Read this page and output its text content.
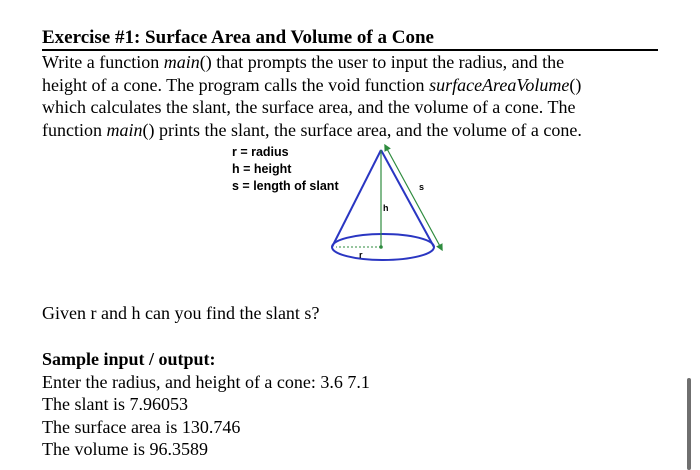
Exercise #1: Surface Area and Volume of a Cone
Write a function main() that prompts the user to input the radius, and the
height of a cone. The program calls the void function surfaceAreaVolume()
which calculates the slant, the surface area, and the volume of a cone. The
function main() prints the slant, the surface area, and the volume of a cone.
r = radius
h = height
s = length of slant
h
s
r
Given r and h can you find the slant s?
Sample input / output:
Enter the radius, and height of a cone: 3.6 7.1
The slant is 7.96053
The surface area is 130.746
The volume is 96.3589
